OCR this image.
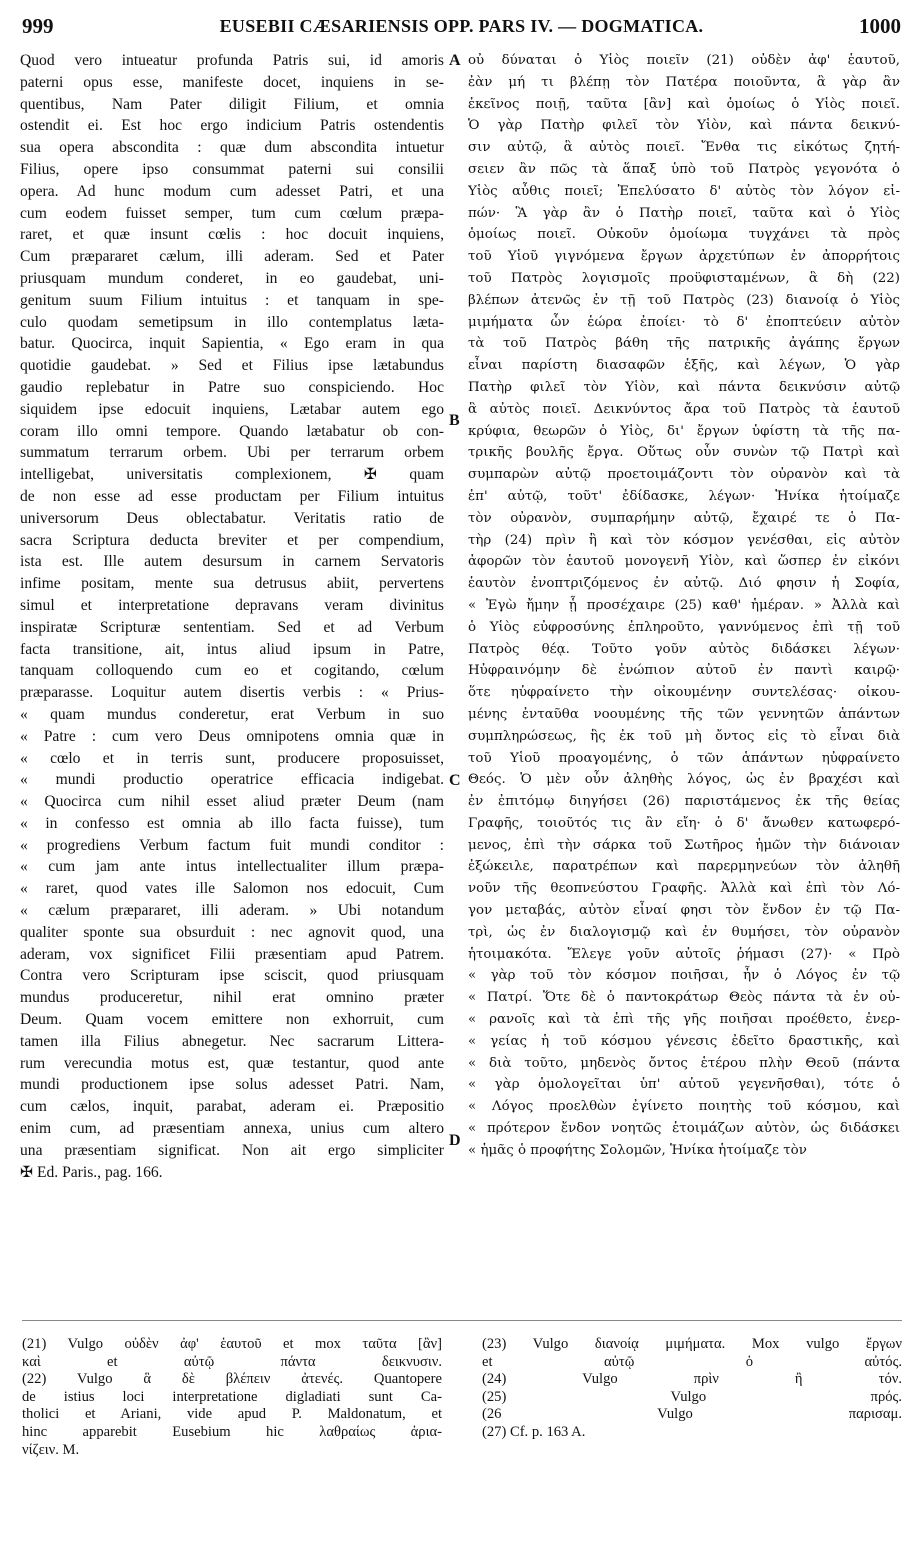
999	EUSEBII CÆSARIENSIS OPP. PARS IV. — DOGMATICA.	1000
Quod vero intueatur profunda Patris sui, id amoris
paterni opus esse, manifeste docet, inquiens in se-
quentibus, Nam Pater diligit Filium, et omnia
ostendit ei. Est hoc ergo indicium Patris ostendentis
sua opera abscondita : quæ dum abscondita intuetur
Filius, opere ipso consummat paterni sui consilii
opera. Ad hunc modum cum adesset Patri, et una
cum eodem fuisset semper, tum cum cœlum præpa-
raret, et quæ insunt cœlis : hoc docuit inquiens,
Cum præpararet cælum, illi aderam. Sed et Pater
priusquam mundum conderet, in eo gaudebat, uni-
genitum suum Filium intuitus : et tanquam in spe-
culo quodam semetipsum in illo contemplatus læta-
batur. Quocirca, inquit Sapientia, « Ego eram in qua
quotidie gaudebat. » Sed et Filius ipse lætabundus
gaudio replebatur in Patre suo conspiciendo. Hoc
siquidem ipse edocuit inquiens, Lætabar autem ego
coram illo omni tempore. Quando lætabatur ob con-
summatum terrarum orbem. Ubi per terrarum orbem
intelligebat, universitatis complexionem, ✠ quam
de non esse ad esse productam per Filium intuitus
universorum Deus oblectabatur. Veritatis ratio de
sacra Scriptura deducta breviter et per compendium,
ista est. Ille autem desursum in carnem Servatoris
infime positam, mente sua detrusus abiit, pervertens
simul et interpretatione depravans veram divinitus
inspiratæ Scripturæ sententiam. Sed et ad Verbum
facta transitione, ait, intus aliud ipsum in Patre,
tanquam colloquendo cum eo et cogitando, cœlum
præparasse. Loquitur autem disertis verbis : « Prius-
« quam mundus conderetur, erat Verbum in suo
« Patre : cum vero Deus omnipotens omnia quæ in
« cœlo et in terris sunt, producere proposuisset,
« mundi productio operatrice efficacia indigebat.
« Quocirca cum nihil esset aliud præter Deum (nam
« in confesso est omnia ab illo facta fuisse), tum
« progrediens Verbum factum fuit mundi conditor :
« cum jam ante intus intellectualiter illum præpa-
« raret, quod vates ille Salomon nos edocuit, Cum
« cælum præpararet, illi aderam. » Ubi notandum
qualiter sponte sua obsurduit : nec agnovit quod, una
aderam, vox significet Filii præsentiam apud Patrem.
Contra vero Scripturam ipse sciscit, quod priusquam
mundus produceretur, nihil erat omnino præter
Deum. Quam vocem emittere non exhorruit, cum
tamen illa Filius abnegetur. Nec sacrarum Littera-
rum verecundia motus est, quæ testantur, quod ante
mundi productionem ipse solus adesset Patri. Nam,
cum cælos, inquit, parabat, aderam ei. Præpositio
enim cum, ad præsentiam annexa, unius cum altero
una præsentiam significat. Non ait ergo simpliciter
✠ Ed. Paris., pag. 166.
A
B
C
D
οὐ δύναται ὁ Υἱὸς ποιεῖν (21) οὐδὲν ἀφ' ἑαυτοῦ,
ἐὰν μή τι βλέπῃ τὸν Πατέρα ποιοῦντα, ἃ γὰρ ἂν
ἐκεῖνος ποιῇ, ταῦτα [ἂν] καὶ ὁμοίως ὁ Υἱὸς ποιεῖ.
Ὁ γὰρ Πατὴρ φιλεῖ τὸν Υἱὸν, καὶ πάντα δεικνύ-
σιν αὐτῷ, ἃ αὐτὸς ποιεῖ. Ἔνθα τις εἰκότως ζητή-
σειεν ἂν πῶς τὰ ἅπαξ ὑπὸ τοῦ Πατρὸς γεγονότα ὁ
Υἱὸς αὖθις ποιεῖ; Ἐπελύσατο δ' αὐτὸς τὸν λόγον εἰ-
πών· Ἃ γὰρ ἂν ὁ Πατὴρ ποιεῖ, ταῦτα καὶ ὁ Υἱὸς
ὁμοίως ποιεῖ. Οὐκοῦν ὁμοίωμα τυγχάνει τὰ πρὸς
τοῦ Υἱοῦ γιγνόμενα ἔργων ἀρχετύπων ἐν ἀπορρήτοις
τοῦ Πατρὸς λογισμοῖς προϋφισταμένων, ἃ δὴ (22)
βλέπων ἀτενῶς ἐν τῇ τοῦ Πατρὸς (23) διανοίᾳ ὁ Υἱὸς
μιμήματα ὧν ἑώρα ἐποίει· τὸ δ' ἐποπτεύειν αὐτὸν
τὰ τοῦ Πατρὸς βάθη τῆς πατρικῆς ἀγάπης ἔργων
εἶναι παρίστη διασαφῶν ἑξῆς, καὶ λέγων, Ὁ γὰρ
Πατὴρ φιλεῖ τὸν Υἱὸν, καὶ πάντα δεικνύσιν αὐτῷ
ἃ αὐτὸς ποιεῖ. Δεικνύντος ἄρα τοῦ Πατρὸς τὰ ἑαυτοῦ
κρύφια, θεωρῶν ὁ Υἱὸς, δι' ἔργων ὑφίστη τὰ τῆς πα-
τρικῆς βουλῆς ἔργα. Οὕτως οὖν συνὼν τῷ Πατρὶ καὶ
συμπαρὼν αὐτῷ προετοιμάζοντι τὸν οὐρανὸν καὶ τὰ
ἐπ' αὐτῷ, τοῦτ' ἐδίδασκε, λέγων· Ἡνίκα ἡτοίμαζε
τὸν οὐρανὸν, συμπαρήμην αὐτῷ, ἔχαιρέ τε ὁ Πα-
τὴρ (24) πρὶν ἢ καὶ τὸν κόσμον γενέσθαι, εἰς αὐτὸν
ἀφορῶν τὸν ἑαυτοῦ μονογενῆ Υἱὸν, καὶ ὥσπερ ἐν εἰκόνι
ἑαυτὸν ἐνοπτριζόμενος ἐν αὐτῷ. Διό φησιν ἡ Σοφία,
« Ἐγὼ ἤμην ᾗ προσέχαιρε (25) καθ' ἡμέραν. » Ἀλλὰ καὶ
ὁ Υἱὸς εὐφροσύνης ἐπληροῦτο, γαννύμενος ἐπὶ τῇ τοῦ
Πατρὸς θέᾳ. Τοῦτο γοῦν αὐτὸς διδάσκει λέγων·
Ηὐφραινόμην δὲ ἐνώπιον αὐτοῦ ἐν παντὶ καιρῷ·
ὅτε ηὐφραίνετο τὴν οἰκουμένην συντελέσας· οἰκου-
μένης ἐνταῦθα νοουμένης τῆς τῶν γεννητῶν ἁπάντων
συμπληρώσεως, ἣς ἐκ τοῦ μὴ ὄντος εἰς τὸ εἶναι διὰ
τοῦ Υἱοῦ προαγομένης, ὁ τῶν ἁπάντων ηὐφραίνετο
Θεός. Ὁ μὲν οὖν ἀληθὴς λόγος, ὡς ἐν βραχέσι καὶ
ἐν ἐπιτόμῳ διηγήσει (26) παριστάμενος ἐκ τῆς θείας
Γραφῆς, τοιοῦτός τις ἂν εἴη· ὁ δ' ἄνωθεν κατωφερό-
μενος, ἐπὶ τὴν σάρκα τοῦ Σωτῆρος ἡμῶν τὴν διάνοιαν
ἐξώκειλε, παρατρέπων καὶ παρερμηνεύων τὸν ἀληθῆ
νοῦν τῆς θεοπνεύστου Γραφῆς. Ἀλλὰ καὶ ἐπὶ τὸν Λό-
γον μεταβάς, αὐτὸν εἶναί φησι τὸν ἔνδον ἐν τῷ Πα-
τρὶ, ὡς ἐν διαλογισμῷ καὶ ἐν θυμήσει, τὸν οὐρανὸν
ἡτοιμακότα. Ἔλεγε γοῦν αὐτοῖς ῥήμασι (27)· « Πρὸ
« γὰρ τοῦ τὸν κόσμον ποιῆσαι, ἦν ὁ Λόγος ἐν τῷ
« Πατρί. Ὅτε δὲ ὁ παντοκράτωρ Θεὸς πάντα τὰ ἐν οὐ-
« ρανοῖς καὶ τὰ ἐπὶ τῆς γῆς ποιῆσαι προέθετο, ἐνερ-
« γείας ἡ τοῦ κόσμου γένεσις ἐδεῖτο δραστικῆς, καὶ
« διὰ τοῦτο, μηδενὸς ὄντος ἑτέρου πλὴν Θεοῦ (πάντα
« γὰρ ὁμολογεῖται ὑπ' αὐτοῦ γεγενῆσθαι), τότε ὁ
« Λόγος προελθὼν ἐγίνετο ποιητὴς τοῦ κόσμου, καὶ
« πρότερον ἔνδον νοητῶς ἑτοιμάζων αὐτὸν, ὡς διδάσκει
« ἡμᾶς ὁ προφήτης Σολομῶν, Ἡνίκα ἡτοίμαζε τὸν
(21) Vulgo οὐδὲν ἀφ' ἑαυτοῦ et mox ταῦτα [ἂν]
καὶ et αὐτῷ πάντα δεικνυσιν.
(22) Vulgo ἃ δὲ βλέπειν ἀτενές. Quantopere
de istius loci interpretatione digladiati sunt Ca-
tholici et Ariani, vide apud P. Maldonatum, et
hinc apparebit Eusebium hic λαθραίως ἀρια-
νίζειν. M.
(23) Vulgo διανοίᾳ μιμήματα. Mox vulgo ἔργων
et αὐτῷ ὁ αὐτός.
(24) Vulgo πρὶν ἢ τόν.
(25) Vulgo πρός.
(26 Vulgo παρισαμ.
(27) Cf. p. 163 A.
